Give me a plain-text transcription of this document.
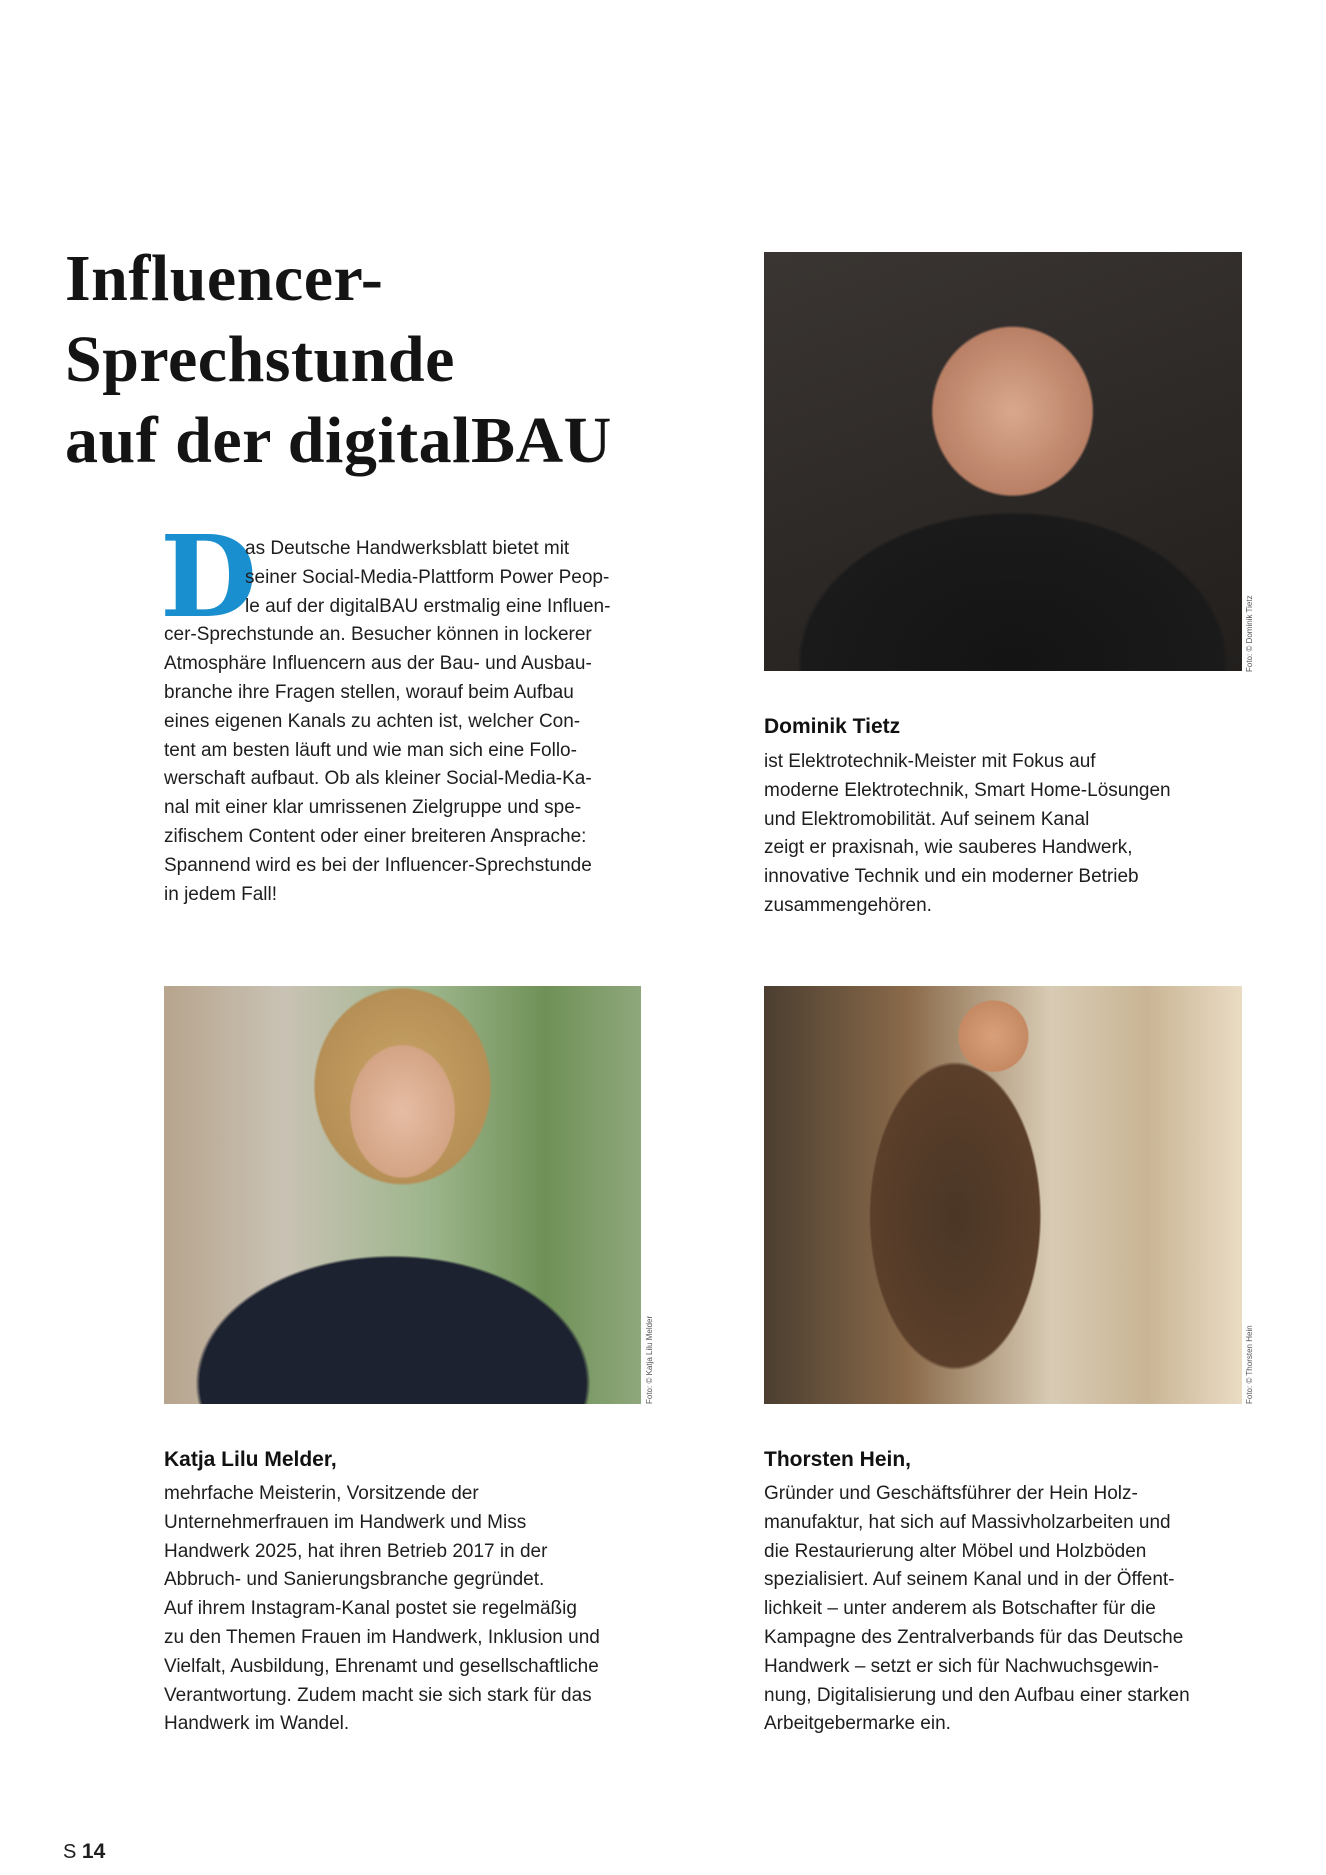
Influencer-
Sprechstunde
auf der digitalBAU
D
as Deutsche Handwerksblatt bietet mit
seiner Social-Media-Plattform Power Peop-
le auf der digitalBAU erstmalig eine Influen-
cer-Sprechstunde an. Besucher können in lockerer
Atmosphäre Influencern aus der Bau- und Ausbau-
branche ihre Fragen stellen, worauf beim Aufbau
eines eigenen Kanals zu achten ist, welcher Con-
tent am besten läuft und wie man sich eine Follo-
werschaft aufbaut. Ob als kleiner Social-Media-Ka-
nal mit einer klar umrissenen Zielgruppe und spe-
zifischem Content oder einer breiteren Ansprache:
Spannend wird es bei der Influencer-Sprechstunde
in jedem Fall!
Foto: © Dominik Tietz
Dominik Tietz
ist Elektrotechnik-Meister mit Fokus auf
moderne Elektrotechnik, Smart Home-Lösungen
und Elektromobilität. Auf seinem Kanal
zeigt er praxisnah, wie sauberes Handwerk,
innovative Technik und ein moderner Betrieb
zusammengehören.
Foto: © Katja Lilu Melder
Katja Lilu Melder,
mehrfache Meisterin, Vorsitzende der
Unternehmerfrauen im Handwerk und Miss
Handwerk 2025, hat ihren Betrieb 2017 in der
Abbruch- und Sanierungsbranche gegründet.
Auf ihrem Instagram-Kanal postet sie regelmäßig
zu den Themen Frauen im Handwerk, Inklusion und
Vielfalt, Ausbildung, Ehrenamt und gesellschaftliche
Verantwortung. Zudem macht sie sich stark für das
Handwerk im Wandel.
Foto: © Thorsten Hein
Thorsten Hein,
Gründer und Geschäftsführer der Hein Holz-
manufaktur, hat sich auf Massivholzarbeiten und
die Restaurierung alter Möbel und Holzböden
spezialisiert. Auf seinem Kanal und in der Öffent-
lichkeit – unter anderem als Botschafter für die
Kampagne des Zentralverbands für das Deutsche
Handwerk – setzt er sich für Nachwuchsgewin-
nung, Digitalisierung und den Aufbau einer starken
Arbeitgebermarke ein.
S 14
